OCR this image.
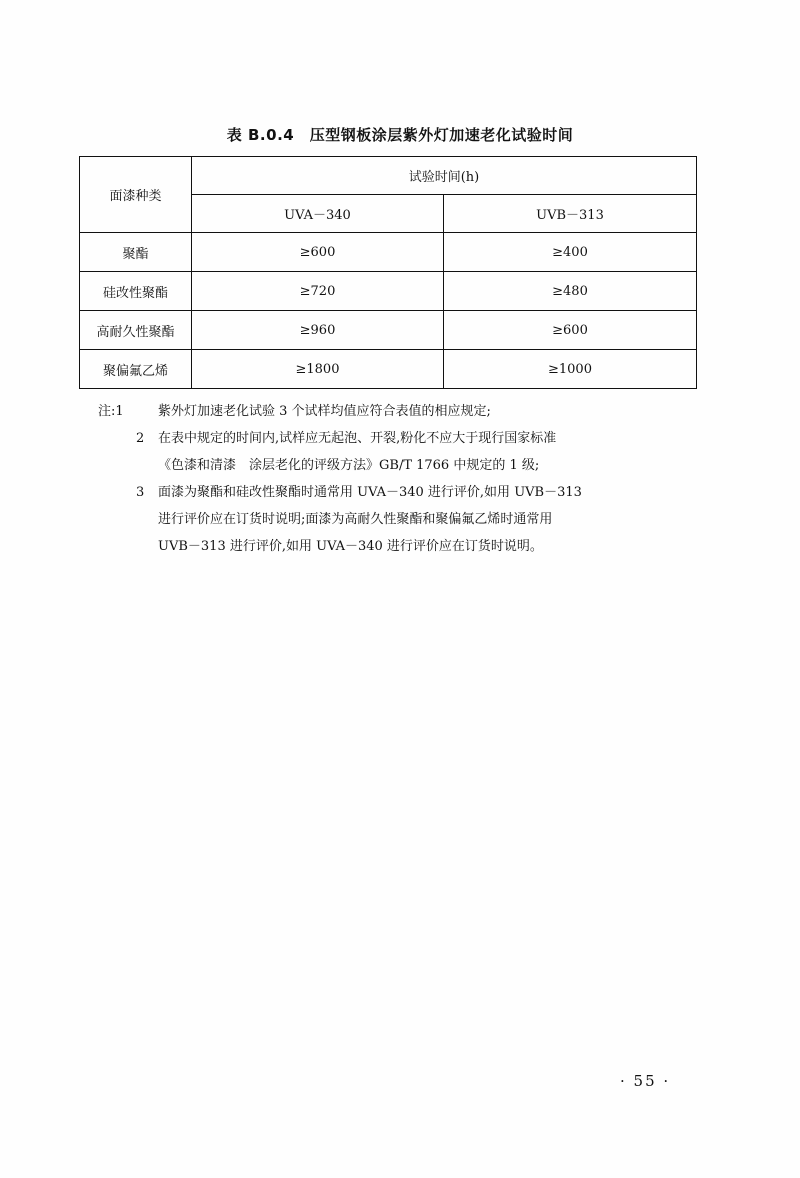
表 B.0.4　压型钢板涂层紫外灯加速老化试验时间
面漆种类	试验时间(h)	
	UVA－340	UVB－313
聚酯	≥600	≥400
硅改性聚酯	≥720	≥480
高耐久性聚酯	≥960	≥600
聚偏氟乙烯	≥1800	≥1000
注:1	紫外灯加速老化试验 3 个试样均值应符合表值的相应规定;
2	在表中规定的时间内,试样应无起泡、开裂,粉化不应大于现行国家标准
《色漆和清漆　涂层老化的评级方法》GB/T 1766 中规定的 1 级;
3	面漆为聚酯和硅改性聚酯时通常用 UVA－340 进行评价,如用 UVB－313
进行评价应在订货时说明;面漆为高耐久性聚酯和聚偏氟乙烯时通常用
UVB－313 进行评价,如用 UVA－340 进行评价应在订货时说明。
· 55 ·
